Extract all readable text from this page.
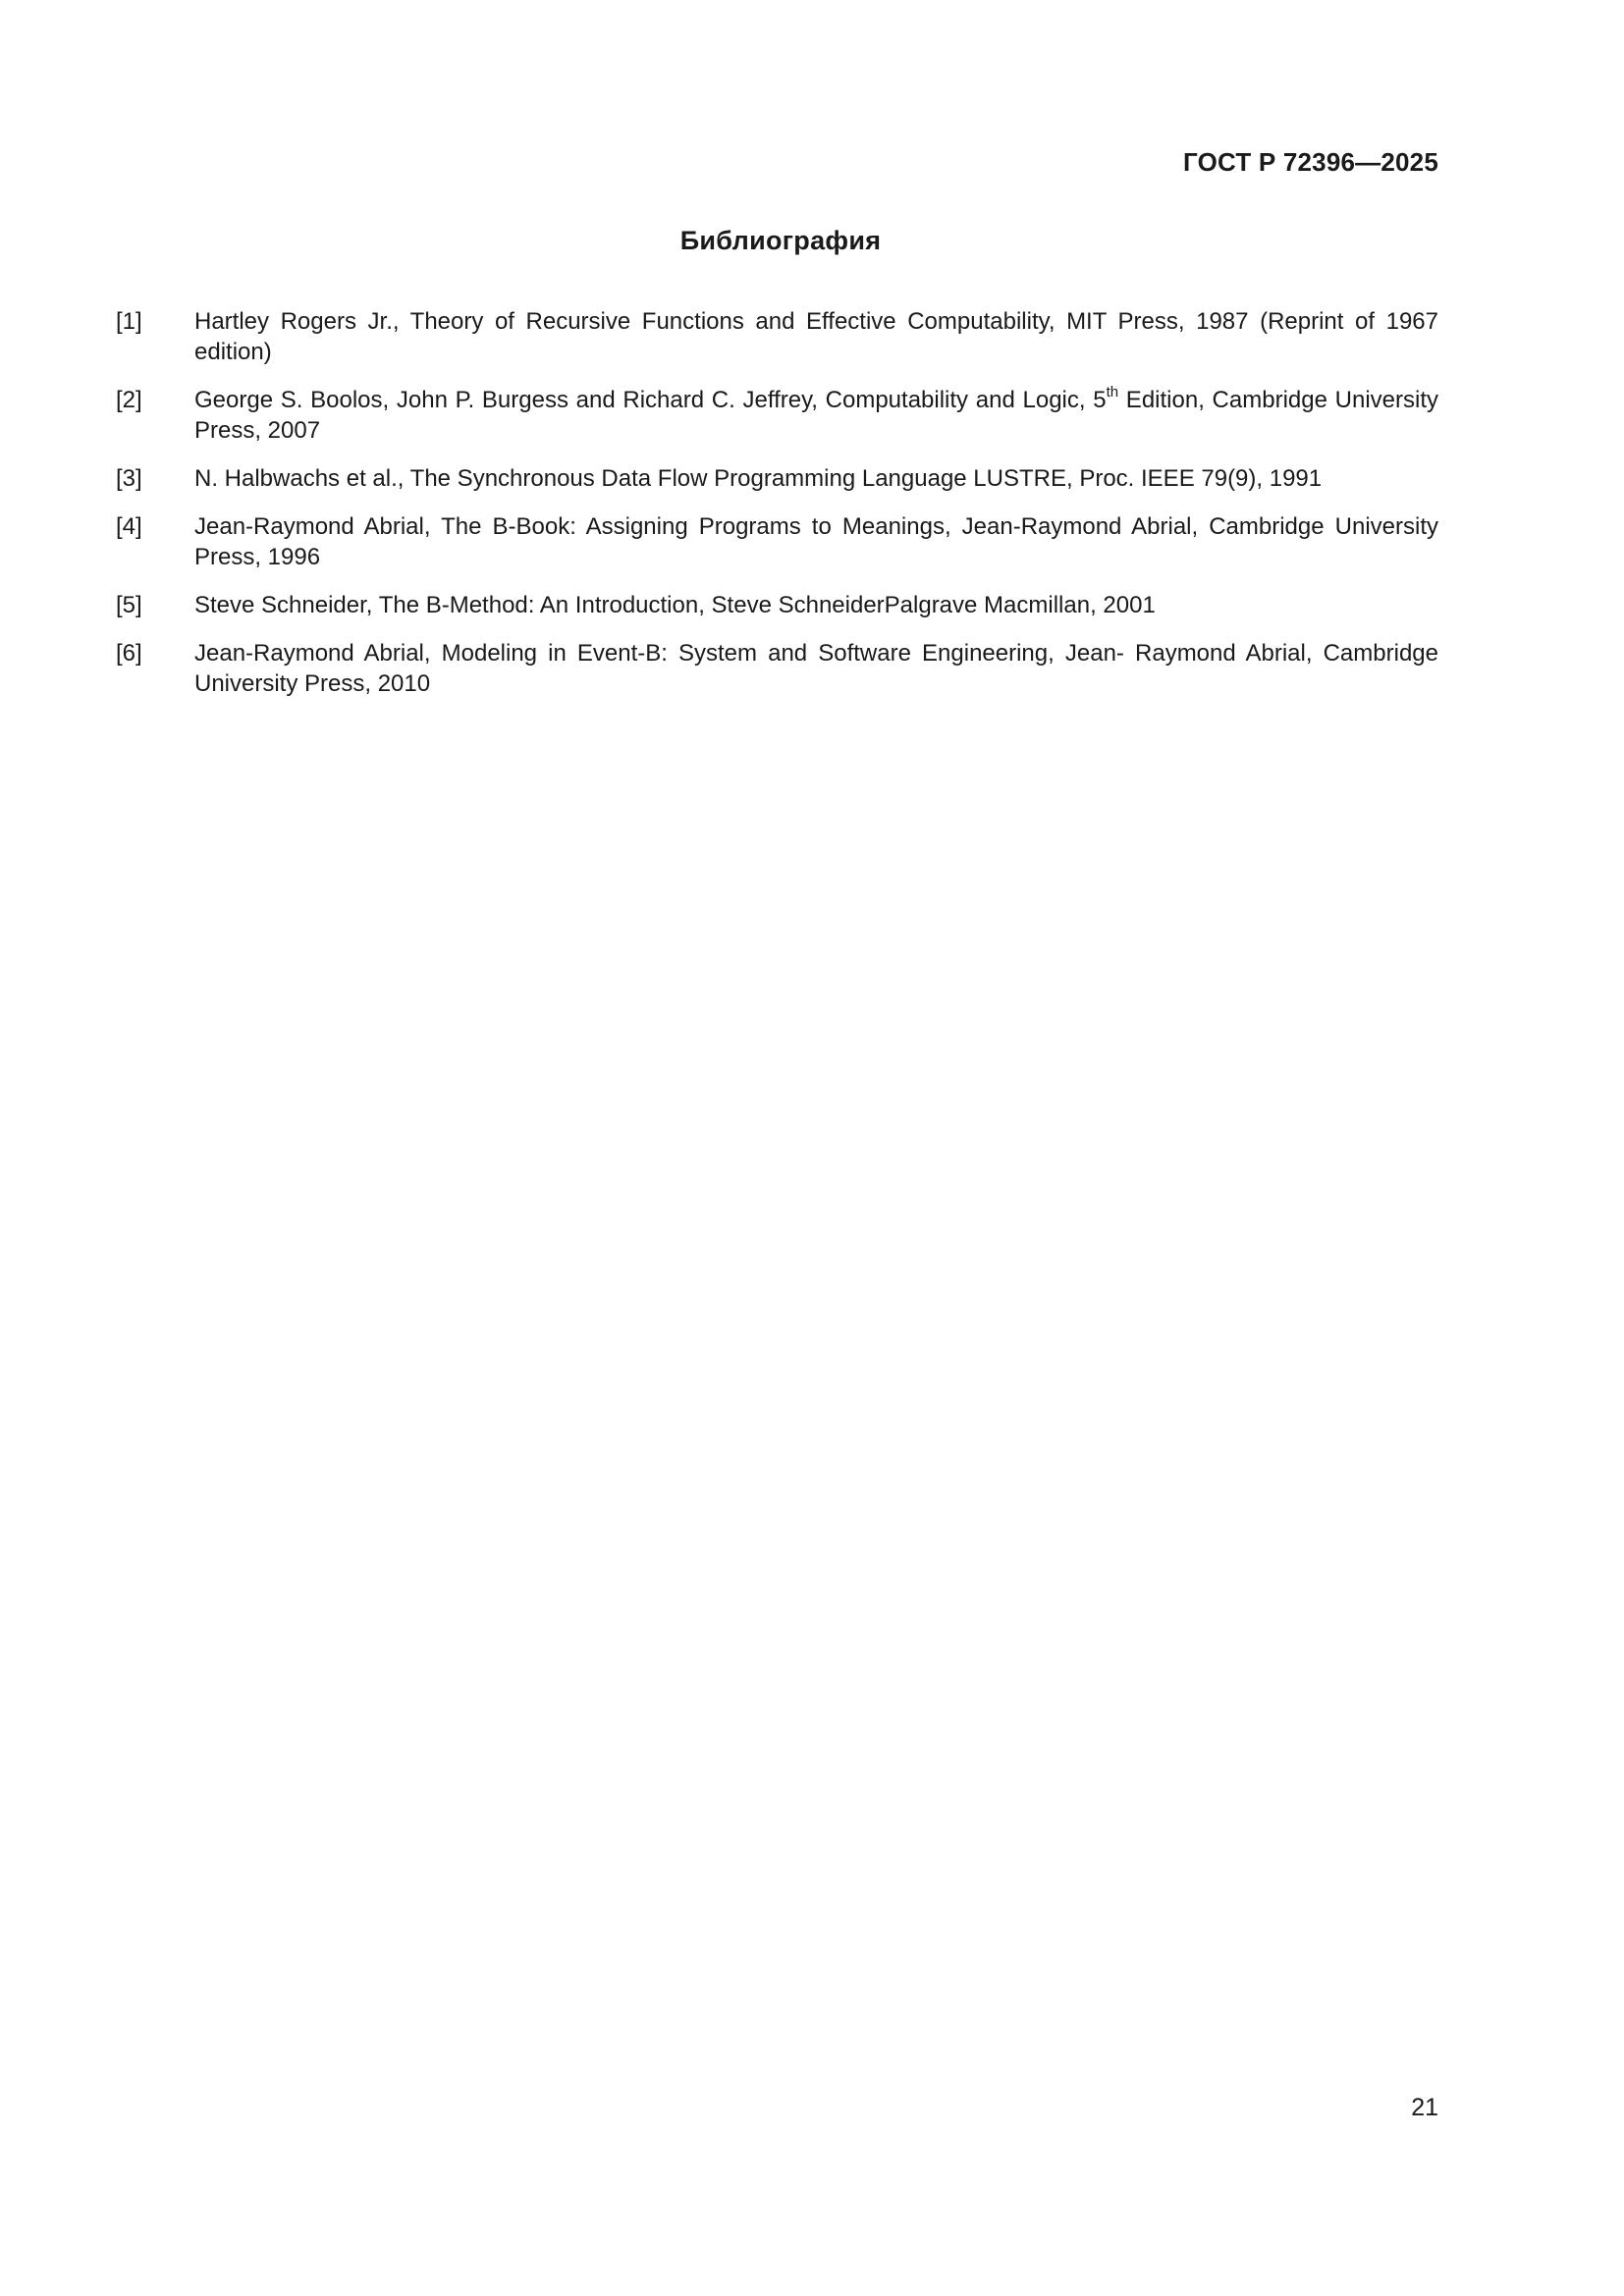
ГОСТ Р 72396—2025
Библиография
[1]	Hartley Rogers Jr., Theory of Recursive Functions and Effective Computability, MIT Press, 1987 (Reprint of 1967 edition)
[2]	George S. Boolos, John P. Burgess and Richard C. Jeffrey, Computability and Logic, 5th Edition, Cambridge University Press, 2007
[3]	N. Halbwachs et al., The Synchronous Data Flow Programming Language LUSTRE, Proc. IEEE 79(9), 1991
[4]	Jean-Raymond Abrial, The B-Book: Assigning Programs to Meanings, Jean-Raymond Abrial, Cambridge University Press, 1996
[5]	Steve Schneider, The B-Method: An Introduction, Steve SchneiderPalgrave Macmillan, 2001
[6]	Jean-Raymond Abrial, Modeling in Event-B: System and Software Engineering, Jean- Raymond Abrial, Cambridge University Press, 2010
21
